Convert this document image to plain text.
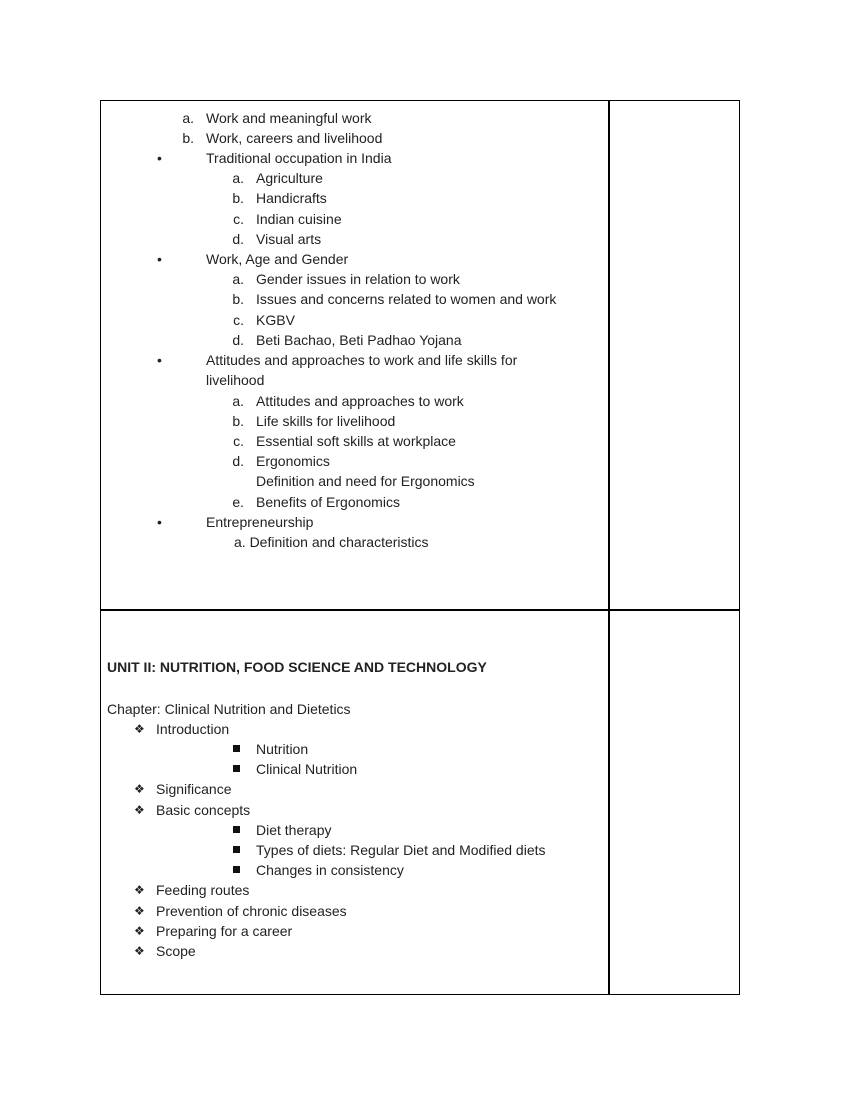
a. Work and meaningful work
b. Work, careers and livelihood
•	Traditional occupation in India
a. Agriculture
b. Handicrafts
c. Indian cuisine
d. Visual arts
•	Work, Age and Gender
a. Gender issues in relation to work
b. Issues and concerns related to women and work
c. KGBV
d. Beti Bachao, Beti Padhao Yojana
•	Attitudes and approaches to work and life skills for
livelihood
a. Attitudes and approaches to work
b. Life skills for livelihood
c. Essential soft skills at workplace
d. Ergonomics
Definition and need for Ergonomics
e. Benefits of Ergonomics
•	Entrepreneurship
a. Definition and characteristics
UNIT II: NUTRITION, FOOD SCIENCE AND TECHNOLOGY
Chapter: Clinical Nutrition and Dietetics
❖ Introduction
Nutrition
Clinical Nutrition
❖ Significance
❖ Basic concepts
Diet therapy
Types of diets: Regular Diet and Modified diets
Changes in consistency
❖ Feeding routes
❖ Prevention of chronic diseases
❖ Preparing for a career
❖ Scope
